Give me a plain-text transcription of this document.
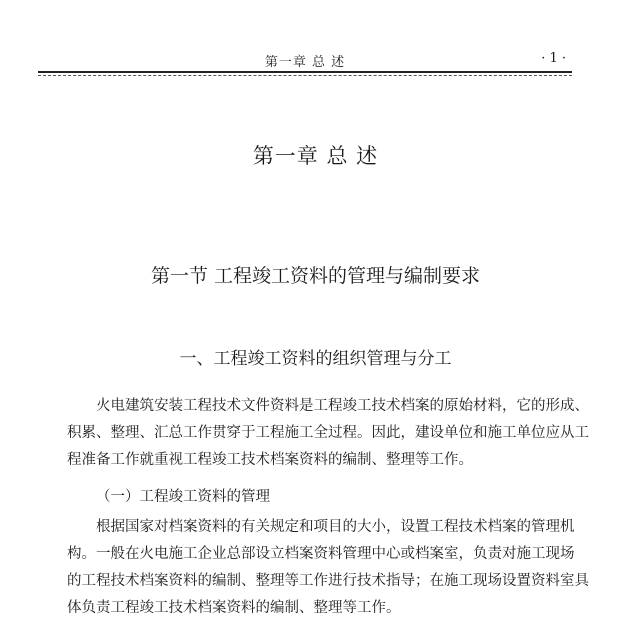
第一章 总 述	· 1 ·
第一章 总 述
第一节 工程竣工资料的管理与编制要求
一、工程竣工资料的组织管理与分工
火电建筑安装工程技术文件资料是工程竣工技术档案的原始材料，它的形成、
积累、整理、汇总工作贯穿于工程施工全过程。因此，建设单位和施工单位应从工
程准备工作就重视工程竣工技术档案资料的编制、整理等工作。
（一）工程竣工资料的管理
根据国家对档案资料的有关规定和项目的大小，设置工程技术档案的管理机
构。一般在火电施工企业总部设立档案资料管理中心或档案室，负责对施工现场
的工程技术档案资料的编制、整理等工作进行技术指导；在施工现场设置资料室具
体负责工程竣工技术档案资料的编制、整理等工作。
